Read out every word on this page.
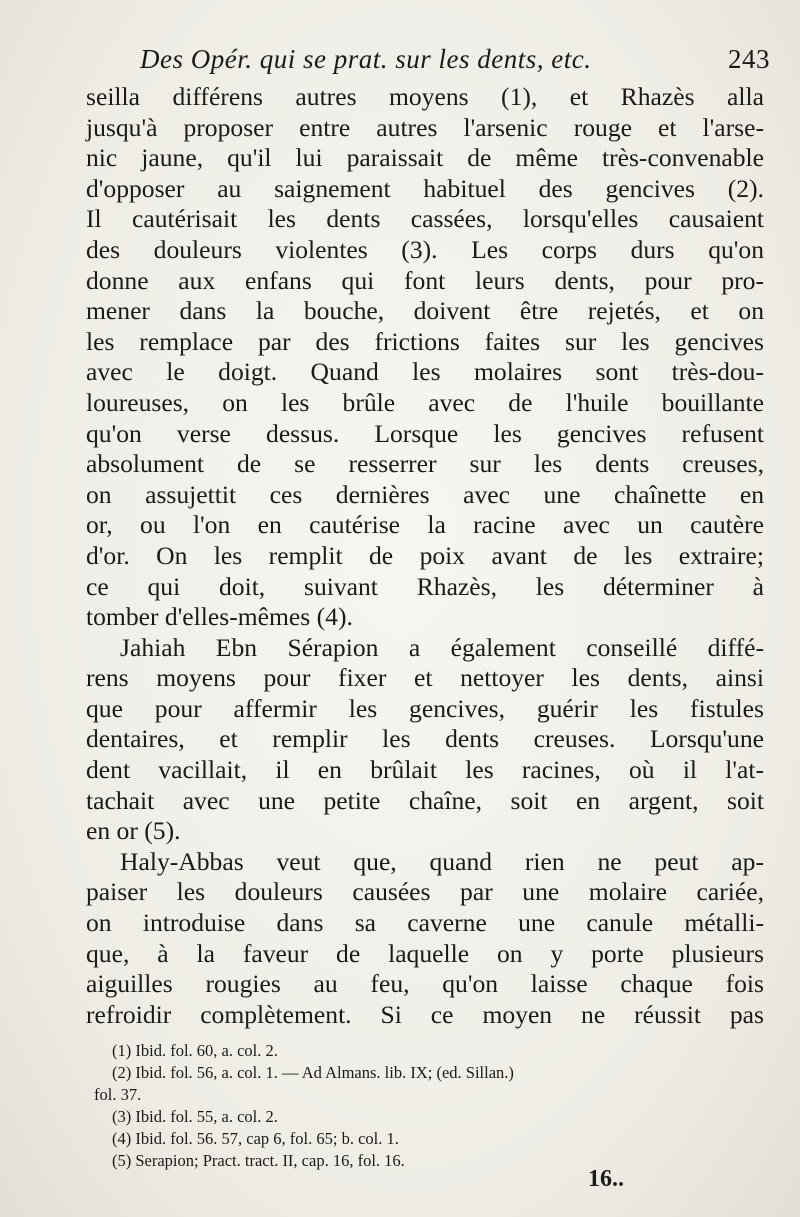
Des Opér. qui se prat. sur les dents, etc.	243
seilla différens autres moyens (1), et Rhazès alla
jusqu'à proposer entre autres l'arsenic rouge et l'arse-
nic jaune, qu'il lui paraissait de même très-convenable
d'opposer au saignement habituel des gencives (2).
Il cautérisait les dents cassées, lorsqu'elles causaient
des douleurs violentes (3). Les corps durs qu'on
donne aux enfans qui font leurs dents, pour pro-
mener dans la bouche, doivent être rejetés, et on
les remplace par des frictions faites sur les gencives
avec le doigt. Quand les molaires sont très-dou-
loureuses, on les brûle avec de l'huile bouillante
qu'on verse dessus. Lorsque les gencives refusent
absolument de se resserrer sur les dents creuses,
on assujettit ces dernières avec une chaînette en
or, ou l'on en cautérise la racine avec un cautère
d'or. On les remplit de poix avant de les extraire;
ce qui doit, suivant Rhazès, les déterminer à
tomber d'elles-mêmes (4).
Jahiah Ebn Sérapion a également conseillé diffé-
rens moyens pour fixer et nettoyer les dents, ainsi
que pour affermir les gencives, guérir les fistules
dentaires, et remplir les dents creuses. Lorsqu'une
dent vacillait, il en brûlait les racines, où il l'at-
tachait avec une petite chaîne, soit en argent, soit
en or (5).
Haly-Abbas veut que, quand rien ne peut ap-
paiser les douleurs causées par une molaire cariée,
on introduise dans sa caverne une canule métalli-
que, à la faveur de laquelle on y porte plusieurs
aiguilles rougies au feu, qu'on laisse chaque fois
refroidir complètement. Si ce moyen ne réussit pas
(1) Ibid. fol. 60, a. col. 2.
(2) Ibid. fol. 56, a. col. 1. — Ad Almans. lib. IX; (ed. Sillan.)
fol. 37.
(3) Ibid. fol. 55, a. col. 2.
(4) Ibid. fol. 56. 57, cap 6, fol. 65; b. col. 1.
(5) Serapion; Pract. tract. II, cap. 16, fol. 16.
16..
